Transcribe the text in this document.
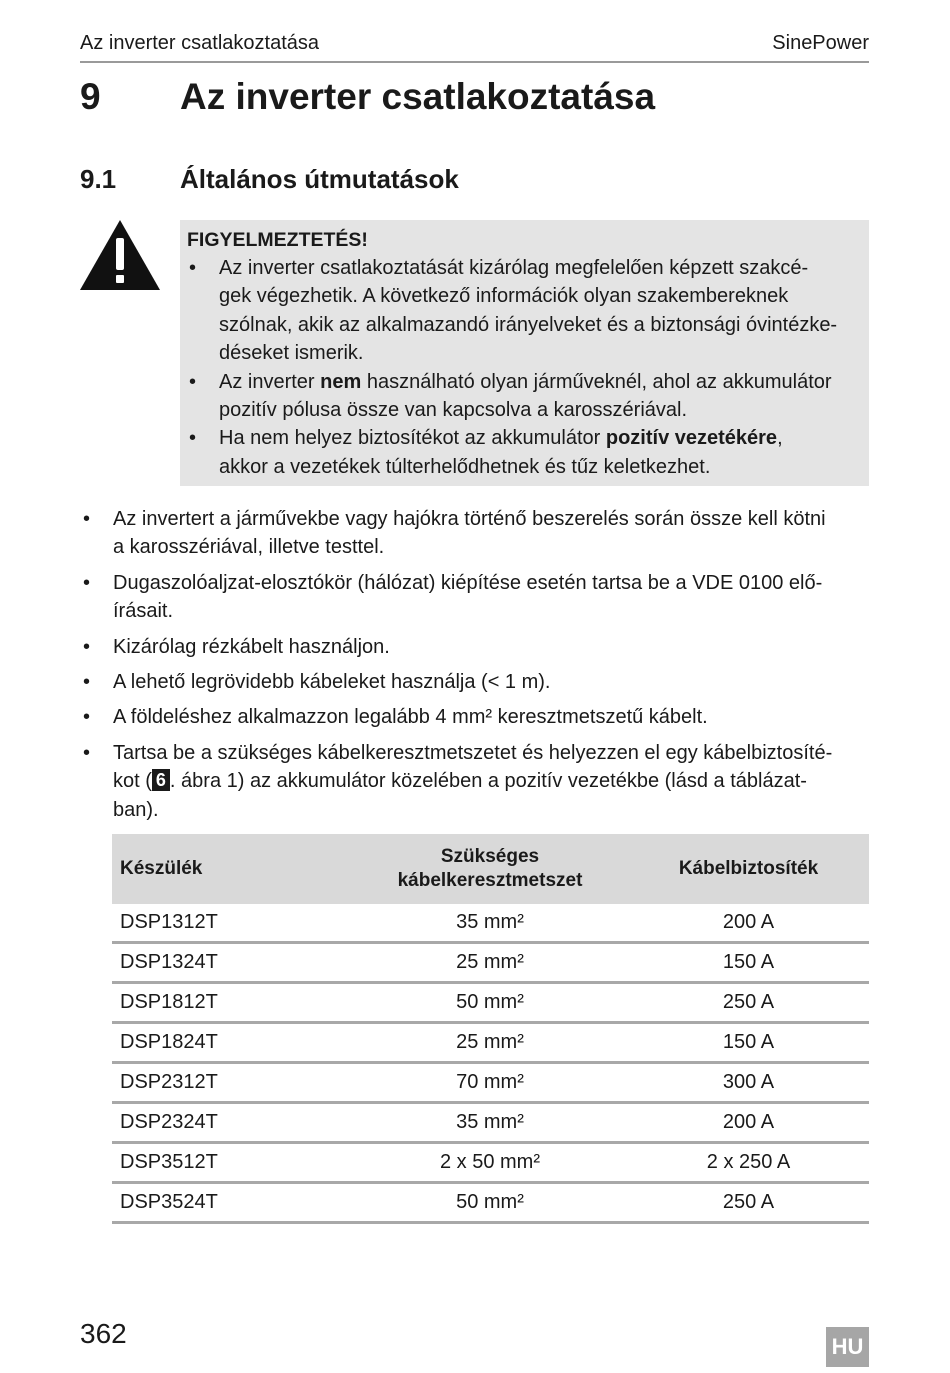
Az inverter csatlakoztatása	SinePower
9 Az inverter csatlakoztatása
9.1 Általános útmutatások
FIGYELMEZTETÉS!
• Az inverter csatlakoztatását kizárólag megfelelően képzett szakcé-
gek végezhetik. A következő információk olyan szakembereknek
szólnak, akik az alkalmazandó irányelveket és a biztonsági óvintézke-
déseket ismerik.
• Az inverter nem használható olyan járműveknél, ahol az akkumulátor
pozitív pólusa össze van kapcsolva a karosszériával.
• Ha nem helyez biztosítékot az akkumulátor pozitív vezetékére,
akkor a vezetékek túlterhelődhetnek és tűz keletkezhet.
• Az invertert a járművekbe vagy hajókra történő beszerelés során össze kell kötni
a karosszériával, illetve testtel.
• Dugaszolóaljzat-elosztókör (hálózat) kiépítése esetén tartsa be a VDE 0100 elő-
írásait.
• Kizárólag rézkábelt használjon.
• A lehető legrövidebb kábeleket használja (< 1 m).
• A földeléshez alkalmazzon legalább 4 mm² keresztmetszetű kábelt.
• Tartsa be a szükséges kábelkeresztmetszetet és helyezzen el egy kábelbiztosíté-
kot ( 6 . ábra 1) az akkumulátor közelében a pozitív vezetékbe (lásd a táblázat-
ban).
Készülék	Szükséges
kábelkeresztmetszet	Kábelbiztosíték
DSP1312T	35 mm²	200 A
DSP1324T	25 mm²	150 A
DSP1812T	50 mm²	250 A
DSP1824T	25 mm²	150 A
DSP2312T	70 mm²	300 A
DSP2324T	35 mm²	200 A
DSP3512T	2 x 50 mm²	2 x 250 A
DSP3524T	50 mm²	250 A
362	HU
